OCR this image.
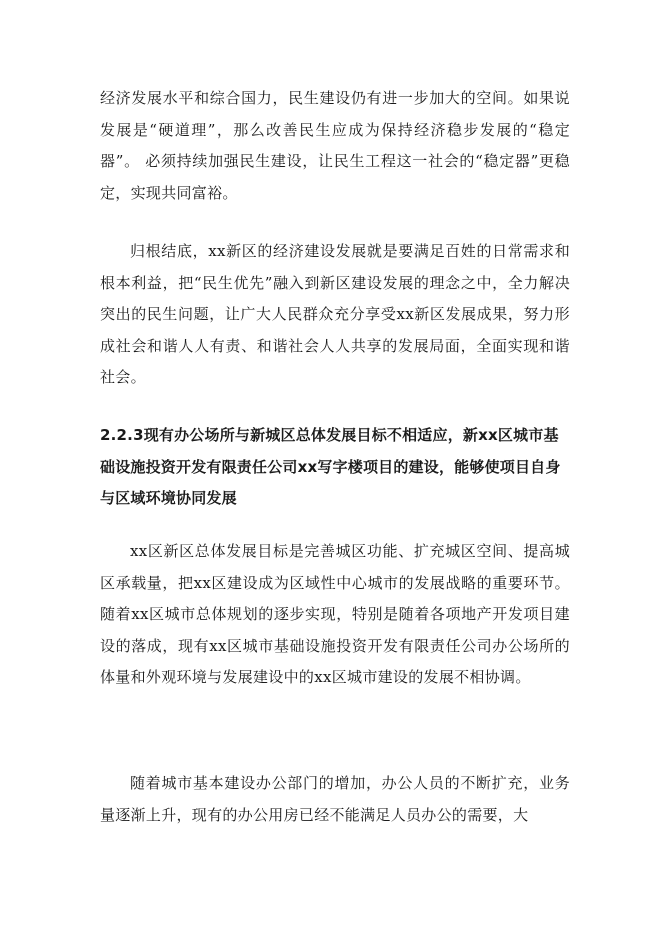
经济发展水平和综合国力，民生建设仍有进一步加大的空间。如果说发展是“硬道理”，那么改善民生应成为保持经济稳步发展的“稳定器”。 必须持续加强民生建设，让民生工程这一社会的“稳定器”更稳定，实现共同富裕。

归根结底，xx新区的经济建设发展就是要满足百姓的日常需求和根本利益，把“民生优先”融入到新区建设发展的理念之中，全力解决突出的民生问题，让广大人民群众充分享受xx新区发展成果，努力形成社会和谐人人有责、和谐社会人人共享的发展局面，全面实现和谐社会。

2.2.3现有办公场所与新城区总体发展目标不相适应，新xx区城市基础设施投资开发有限责任公司xx写字楼项目的建设，能够使项目自身与区域环境协同发展

xx区新区总体发展目标是完善城区功能、扩充城区空间、提高城区承载量，把xx区建设成为区域性中心城市的发展战略的重要环节。随着xx区城市总体规划的逐步实现，特别是随着各项地产开发项目建设的落成，现有xx区城市基础设施投资开发有限责任公司办公场所的体量和外观环境与发展建设中的xx区城市建设的发展不相协调。

随着城市基本建设办公部门的增加，办公人员的不断扩充，业务量逐渐上升，现有的办公用房已经不能满足人员办公的需要，大
